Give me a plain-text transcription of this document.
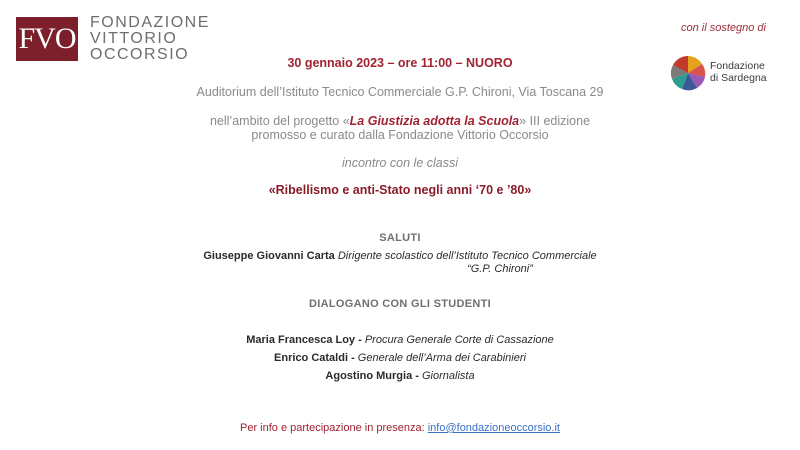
FVO FONDAZIONE
VITTORIO
OCCORSIO
con il sostegno di
Fondazione
di Sardegna
30 gennaio 2023 – ore 11:00 – NUORO
Auditorium dell’Istituto Tecnico Commerciale G.P. Chironi, Via Toscana 29
nell’ambito del progetto «La Giustizia adotta la Scuola» III edizione
promosso e curato dalla Fondazione Vittorio Occorsio
incontro con le classi
«Ribellismo e anti-Stato negli anni ‘70 e ’80»
SALUTI
Giuseppe Giovanni Carta Dirigente scolastico dell’Istituto Tecnico Commerciale
“G.P. Chironi”
DIALOGANO CON GLI STUDENTI
Maria Francesca Loy - Procura Generale Corte di Cassazione
Enrico Cataldi - Generale dell’Arma dei Carabinieri
Agostino Murgia - Giornalista
Per info e partecipazione in presenza: info@fondazioneoccorsio.it
